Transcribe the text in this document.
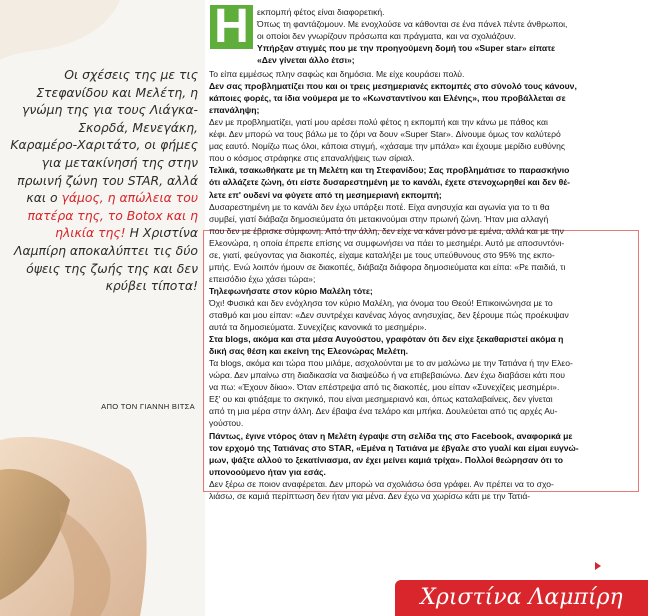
Οι σχέσεις της με τις Στεφανίδου και Μελέτη, η γνώμη της για τους Λιάγκα-Σκορδά, Μενεγάκη, Καραμέρο-Χαριτάτο, οι φήμες για μετακίνησή της στην πρωινή ζώνη του STAR, αλλά και ο γάμος, η απώλεια του πατέρα της, το Botox και η ηλικία της! Η Χριστίνα Λαμπίρη αποκαλύπτει τις δύο όψεις της ζωής της και δεν κρύβει τίποτα!

ΑΠΟ ΤΟΝ ΓΙΑΝΝΗ ΒΙΤΣΑ
Η εκπομπή φέτος είναι διαφορετική.
Όπως τη φαντάζομουν. Με ενοχλούσε να κάθονται σε ένα πάνελ πέντε άνθρωποι,
οι οποίοι δεν γνωρίζουν πρόσωπα και πράγματα, και να σχολιάζουν.
Υπήρξαν στιγμές που με την προηγούμενη δομή του «Super star» είπατε
«Δεν γίνεται άλλο έτσι»;
Το είπα εμμέσως πλην σαφώς και δημόσια. Με είχε κουράσει πολύ.
Δεν σας προβληματίζει που και οι τρεις μεσημεριανές εκπομπές στο σύνολό τους κάνουν,
κάποιες φορές, τα ίδια νούμερα με το «Κωνσταντίνου και Ελένης», που προβάλλεται σε
επανάληψη;
Δεν με προβληματίζει, γιατί μου αρέσει πολύ φέτος η εκπομπή και την κάνω με πάθος και
κέφι. Δεν μπορώ να τους βάλω με το ζόρι να δουν «Super Star». Δίνουμε όμως τον καλύτερό
μας εαυτό. Νομίζω πως όλοι, κάποια στιγμή, «χάσαμε την μπάλα» και έχουμε μερίδιο ευθύνης
που ο κόσμος στράφηκε στις επαναλήψεις των σίριαλ.
Τελικά, τσακωθήκατε με τη Μελέτη και τη Στεφανίδου; Σας προβλημάτισε το παρασκήνιο
ότι αλλάζετε ζώνη, ότι είστε δυσαρεστημένη με το κανάλι, έχετε στενοχωρηθεί και δεν θέ-
λετε επ' ουδενί να φύγετε από τη μεσημεριανή εκπομπή;
Δυσαρεστημένη με το κανάλι δεν έχω υπάρξει ποτέ. Είχα ανησυχία και αγωνία για το τι θα
συμβεί, γιατί διάβαζα δημοσιεύματα ότι μετακινούμαι στην πρωινή ζώνη. Ήταν μια αλλαγή
που δεν με έβρισκε σύμφωνη. Από την άλλη, δεν είχε να κάνει μόνο με εμένα, αλλά και με την
Ελεονώρα, η οποία έπρεπε επίσης να συμφωνήσει να πάει το μεσημέρι. Αυτό με αποσυντόνι-
σε, γιατί, φεύγοντας για διακοπές, είχαμε καταλήξει με τους υπεύθυνους στο 95% της εκπο-
μπής. Ενώ λοιπόν ήμουν σε διακοπές, διάβαζα διάφορα δημοσιεύματα και είπα: «Ρε παιδιά, τι
επεισόδιο έχω χάσει τώρα»;
Τηλεφωνήσατε στον κύριο Μαλέλη τότε;
Όχι! Φυσικά και δεν ενόχλησα τον κύριο Μαλέλη, για όνομα του Θεού! Επικοινώνησα με το
σταθμό και μου είπαν: «Δεν συντρέχει κανένας λόγος ανησυχίας, δεν ξέρουμε πώς προέκυψαν
αυτά τα δημοσιεύματα. Συνεχίζεις κανονικά το μεσημέρι».
Στα blogs, ακόμα και στα μέσα Αυγούστου, γραφόταν ότι δεν είχε ξεκαθαριστεί ακόμα η
δική σας θέση και εκείνη της Ελεονώρας Μελέτη.
Τα blogs, ακόμα και τώρα που μιλάμε, ασχολούνται με το αν μαλώνω με την Τατιάνα ή την Ελεο-
νώρα. Δεν μπαίνω στη διαδικασία να διαψεύδω ή να επιβεβαιώνω. Δεν έχω διαβάσει κάτι που
να πω: «Έχουν δίκιο». Όταν επέστρεψα από τις διακοπές, μου είπαν «Συνεχίζεις μεσημέρι».
Εξ' ου και φτιάξαμε το σκηνικό, που είναι μεσημεριανό και, όπως καταλαβαίνεις, δεν γίνεται
από τη μια μέρα στην άλλη. Δεν έβαψα ένα τελάρο και μπήκα. Δουλεύεται από τις αρχές Αυ-
γούστου.
Πάντως, έγινε ντόρος όταν η Μελέτη έγραψε στη σελίδα της στο Facebook, αναφορικά με
τον ερχομό της Τατιάνας στο STAR, «Εμένα η Τατιάνα με έβγαλε στο γυαλί και είμαι ευγνώ-
μων, ψάξτε αλλού το ξεκατίνιασμα, αν έχει μείνει καμιά τρίχα». Πολλοί θεώρησαν ότι το
υπονοούμενο ήταν για εσάς.
Δεν ξέρω σε ποιον αναφέρεται. Δεν μπορώ να σχολιάσω όσα γράφει. Αν πρέπει να το σχο-
λιάσω, σε καμιά περίπτωση δεν ήταν για μένα. Δεν έχω να χωρίσω κάτι με την Τατιά-
Χριστίνα Λαμπίρη
